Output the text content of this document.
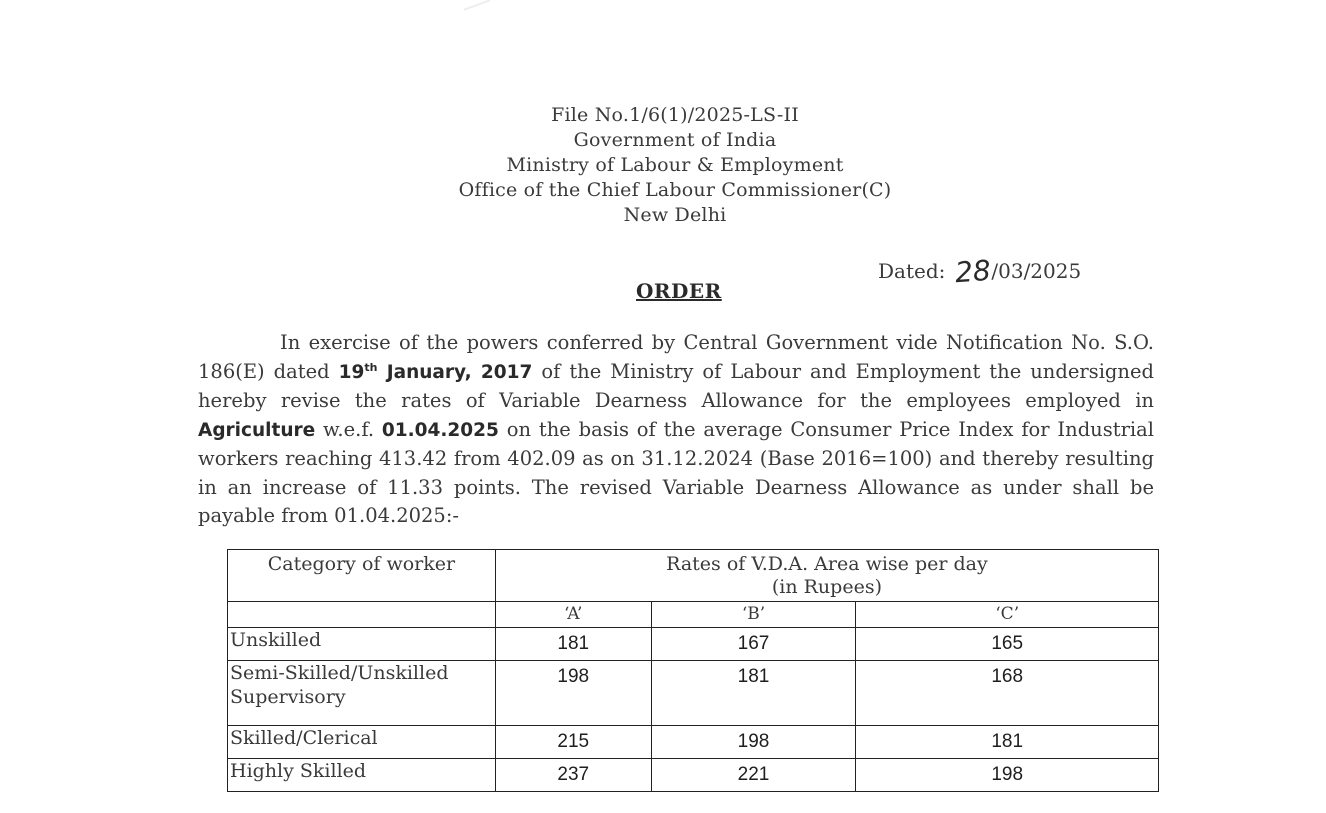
File No.1/6(1)/2025-LS-II
Government of India
Ministry of Labour & Employment
Office of the Chief Labour Commissioner(C)
New Delhi
Dated: 28/03/2025
ORDER
In exercise of the powers conferred by Central Government vide Notification No. S.O. 186(E) dated 19th January, 2017 of the Ministry of Labour and Employment the undersigned hereby revise the rates of Variable Dearness Allowance for the employees employed in Agriculture w.e.f. 01.04.2025 on the basis of the average Consumer Price Index for Industrial workers reaching 413.42 from 402.09 as on 31.12.2024 (Base 2016=100) and thereby resulting in an increase of 11.33 points. The revised Variable Dearness Allowance as under shall be payable from 01.04.2025:-
Category of worker	Rates of V.D.A. Area wise per day
(in Rupees)		

	‘A’	‘B’	‘C’
Unskilled	181	167	165
Semi-Skilled/Unskilled Supervisory	198	181	168
Skilled/Clerical	215	198	181
Highly Skilled	237	221	198
